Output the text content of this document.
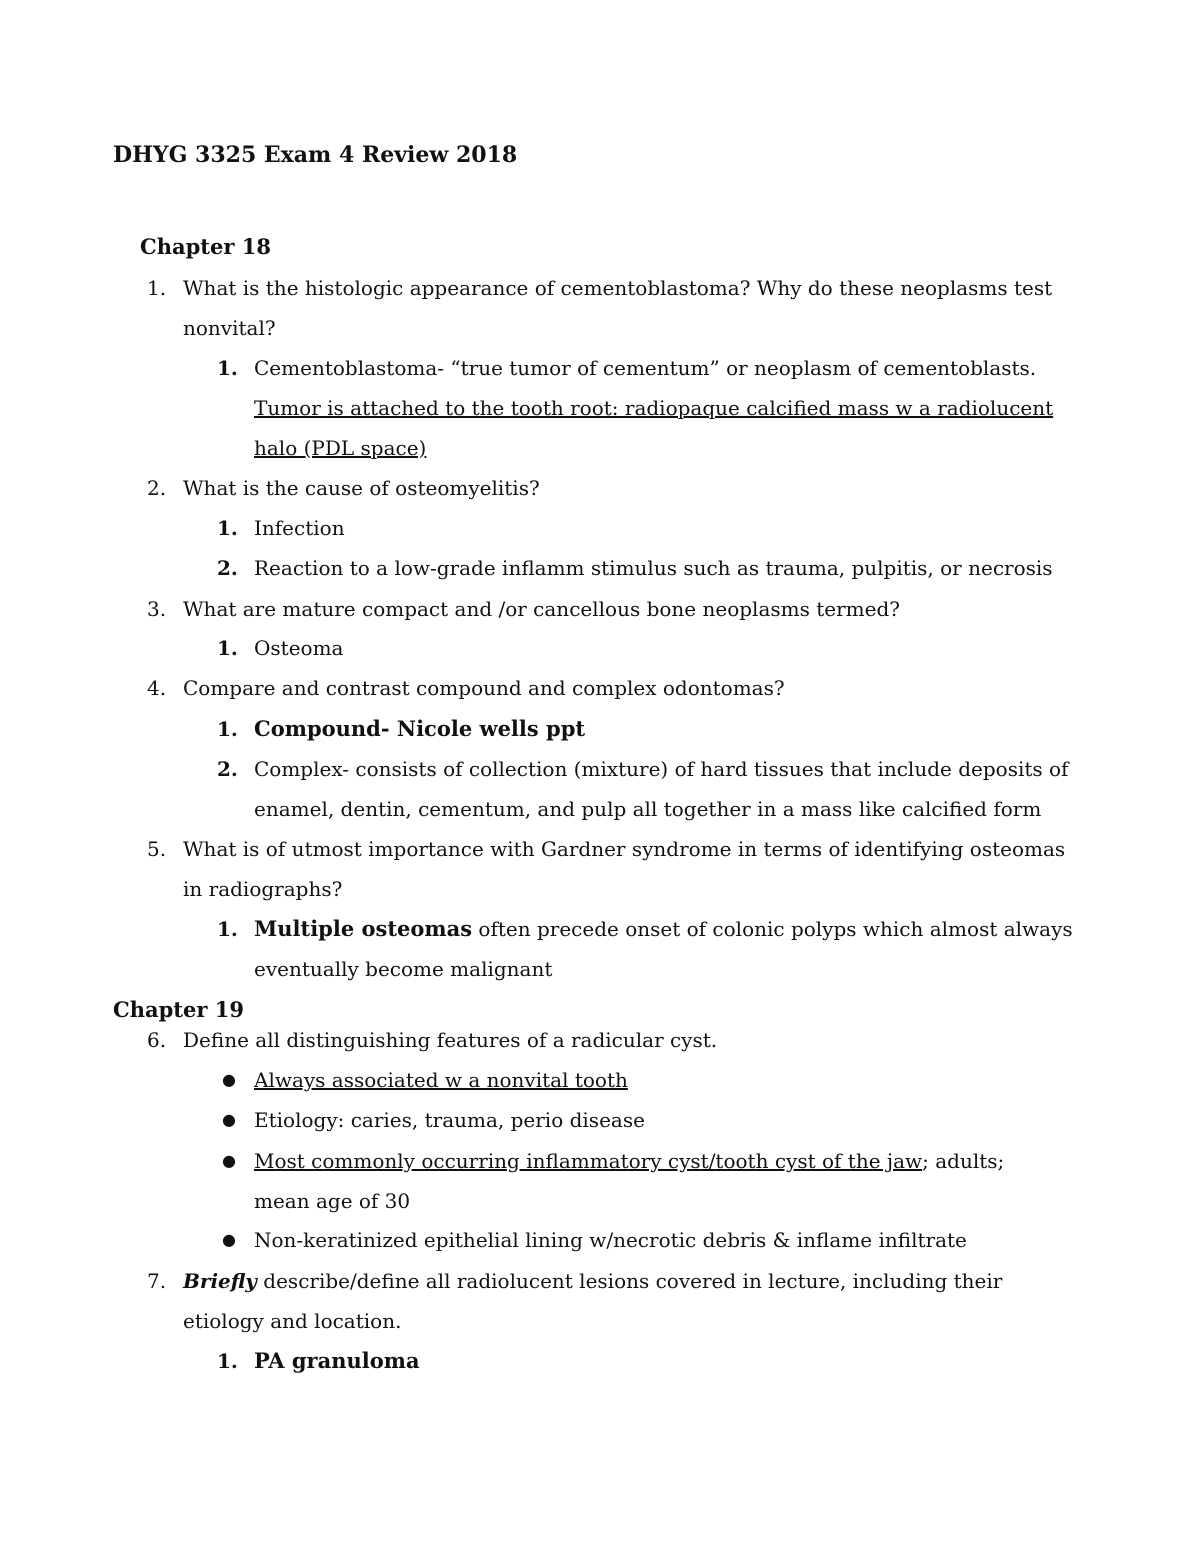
DHYG 3325 Exam 4 Review 2018
Chapter 18
1. What is the histologic appearance of cementoblastoma? Why do these neoplasms test
nonvital?
1. Cementoblastoma- “true tumor of cementum” or neoplasm of cementoblasts.
Tumor is attached to the tooth root: radiopaque calcified mass w a radiolucent
halo (PDL space)
2. What is the cause of osteomyelitis?
1. Infection
2. Reaction to a low-grade inflamm stimulus such as trauma, pulpitis, or necrosis
3. What are mature compact and /or cancellous bone neoplasms termed?
1. Osteoma
4. Compare and contrast compound and complex odontomas?
1. Compound- Nicole wells ppt
2. Complex- consists of collection (mixture) of hard tissues that include deposits of
enamel, dentin, cementum, and pulp all together in a mass like calcified form
5. What is of utmost importance with Gardner syndrome in terms of identifying osteomas
in radiographs?
1. Multiple osteomas often precede onset of colonic polyps which almost always
eventually become malignant
Chapter 19
6. Define all distinguishing features of a radicular cyst.
● Always associated w a nonvital tooth
● Etiology: caries, trauma, perio disease
● Most commonly occurring inflammatory cyst/tooth cyst of the jaw; adults;
mean age of 30
● Non-keratinized epithelial lining w/necrotic debris & inflame infiltrate
7. Briefly describe/define all radiolucent lesions covered in lecture, including their
etiology and location.
1. PA granuloma
